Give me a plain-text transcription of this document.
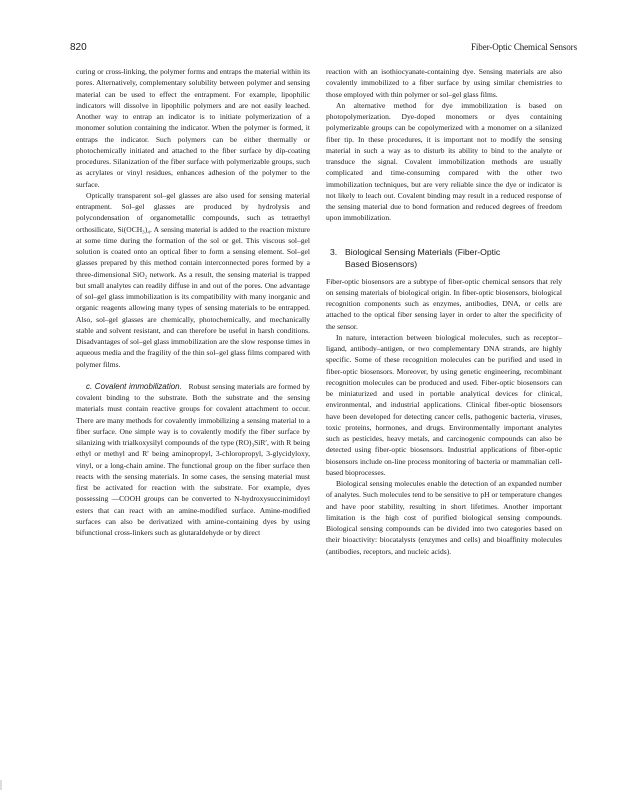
820	Fiber-Optic Chemical Sensors

curing or cross-linking, the polymer forms and entraps the material within its pores. Alternatively, complementary solubility between polymer and sensing material can be used to effect the entrapment. For example, lipophilic indicators will dissolve in lipophilic polymers and are not easily leached. Another way to entrap an indicator is to initiate polymerization of a monomer solution containing the indicator. When the polymer is formed, it entraps the indicator. Such polymers can be either thermally or photochemically initiated and attached to the fiber surface by dip-coating procedures. Silanization of the fiber surface with polymerizable groups, such as acrylates or vinyl residues, enhances adhesion of the polymer to the surface.

Optically transparent sol–gel glasses are also used for sensing material entrapment. Sol–gel glasses are produced by hydrolysis and polycondensation of organometallic compounds, such as tetraethyl orthosilicate, Si(OCH₃)₄. A sensing material is added to the reaction mixture at some time during the formation of the sol or gel. This viscous sol–gel solution is coated onto an optical fiber to form a sensing element. Sol–gel glasses prepared by this method contain interconnected pores formed by a three-dimensional SiO₂ network. As a result, the sensing material is trapped but small analytes can readily diffuse in and out of the pores. One advantage of sol–gel glass immobilization is its compatibility with many inorganic and organic reagents allowing many types of sensing materials to be entrapped. Also, sol–gel glasses are chemically, photochemically, and mechanically stable and solvent resistant, and can therefore be useful in harsh conditions. Disadvantages of sol–gel glass immobilization are the slow response times in aqueous media and the fragility of the thin sol–gel glass films compared with polymer films.

c. Covalent immobilization. Robust sensing materials are formed by covalent binding to the substrate. Both the substrate and the sensing materials must contain reactive groups for covalent attachment to occur. There are many methods for covalently immobilizing a sensing material to a fiber surface. One simple way is to covalently modify the fiber surface by silanizing with trialkoxysilyl compounds of the type (RO)₃SiR′, with R being ethyl or methyl and R′ being aminopropyl, 3-chloropropyl, 3-glycidyloxy, vinyl, or a long-chain amine. The functional group on the fiber surface then reacts with the sensing materials. In some cases, the sensing material must first be activated for reaction with the substrate. For example, dyes possessing —COOH groups can be converted to N-hydroxysuccinimidoyl esters that can react with an amine-modified surface. Amine-modified surfaces can also be derivatized with amine-containing dyes by using bifunctional cross-linkers such as glutaraldehyde or by direct

reaction with an isothiocyanate-containing dye. Sensing materials are also covalently immobilized to a fiber surface by using similar chemistries to those employed with thin polymer or sol–gel glass films.

An alternative method for dye immobilization is based on photopolymerization. Dye-doped monomers or dyes containing polymerizable groups can be copolymerized with a monomer on a silanized fiber tip. In these procedures, it is important not to modify the sensing material in such a way as to disturb its ability to bind to the analyte or transduce the signal. Covalent immobilization methods are usually complicated and time-consuming compared with the other two immobilization techniques, but are very reliable since the dye or indicator is not likely to leach out. Covalent binding may result in a reduced response of the sensing material due to bond formation and reduced degrees of freedom upon immobilization.

3. Biological Sensing Materials (Fiber-Optic
Based Biosensors)

Fiber-optic biosensors are a subtype of fiber-optic chemical sensors that rely on sensing materials of biological origin. In fiber-optic biosensors, biological recognition components such as enzymes, antibodies, DNA, or cells are attached to the optical fiber sensing layer in order to alter the specificity of the sensor.

In nature, interaction between biological molecules, such as receptor–ligand, antibody–antigen, or two complementary DNA strands, are highly specific. Some of these recognition molecules can be purified and used in fiber-optic biosensors. Moreover, by using genetic engineering, recombinant recognition molecules can be produced and used. Fiber-optic biosensors can be miniaturized and used in portable analytical devices for clinical, environmental, and industrial applications. Clinical fiber-optic biosensors have been developed for detecting cancer cells, pathogenic bacteria, viruses, toxic proteins, hormones, and drugs. Environmentally important analytes such as pesticides, heavy metals, and carcinogenic compounds can also be detected using fiber-optic biosensors. Industrial applications of fiber-optic biosensors include on-line process monitoring of bacteria or mammalian cell-based bioprocesses.

Biological sensing molecules enable the detection of an expanded number of analytes. Such molecules tend to be sensitive to pH or temperature changes and have poor stability, resulting in short lifetimes. Another important limitation is the high cost of purified biological sensing compounds. Biological sensing compounds can be divided into two categories based on their bioactivity: biocatalysts (enzymes and cells) and bioaffinity molecules (antibodies, receptors, and nucleic acids).
